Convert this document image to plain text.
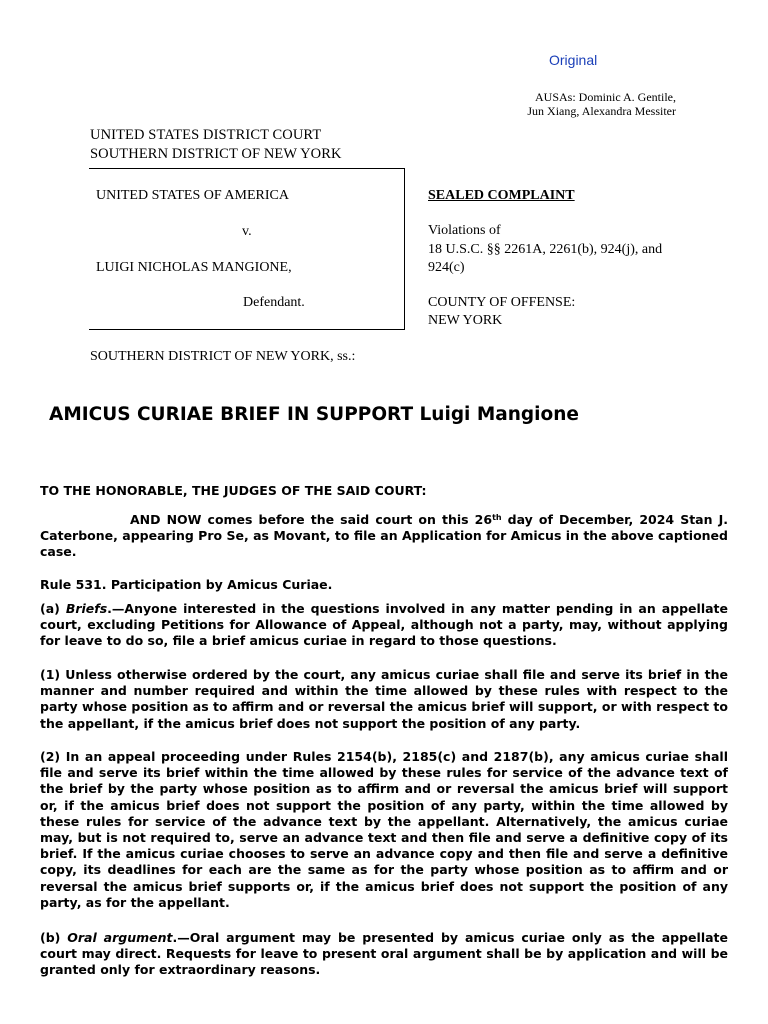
Original
AUSAs: Dominic A. Gentile,
Jun Xiang, Alexandra Messiter
UNITED STATES DISTRICT COURT
SOUTHERN DISTRICT OF NEW YORK
UNITED STATES OF AMERICA
v.
LUIGI NICHOLAS MANGIONE,
Defendant.
SEALED COMPLAINT
Violations of
18 U.S.C. §§ 2261A, 2261(b), 924(j), and
924(c)
COUNTY OF OFFENSE:
NEW YORK
SOUTHERN DISTRICT OF NEW YORK, ss.:
AMICUS CURIAE BRIEF IN SUPPORT Luigi Mangione
TO THE HONORABLE, THE JUDGES OF THE SAID COURT:
AND NOW comes before the said court on this 26th day of December, 2024 Stan J. Caterbone, appearing Pro Se, as Movant, to file an Application for Amicus in the above captioned case.
Rule 531. Participation by Amicus Curiae.
(a) Briefs.—Anyone interested in the questions involved in any matter pending in an appellate court, excluding Petitions for Allowance of Appeal, although not a party, may, without applying for leave to do so, file a brief amicus curiae in regard to those questions.
(1) Unless otherwise ordered by the court, any amicus curiae shall file and serve its brief in the manner and number required and within the time allowed by these rules with respect to the party whose position as to affirm and or reversal the amicus brief will support, or with respect to the appellant, if the amicus brief does not support the position of any party.
(2) In an appeal proceeding under Rules 2154(b), 2185(c) and 2187(b), any amicus curiae shall file and serve its brief within the time allowed by these rules for service of the advance text of the brief by the party whose position as to affirm and or reversal the amicus brief will support or, if the amicus brief does not support the position of any party, within the time allowed by these rules for service of the advance text by the appellant. Alternatively, the amicus curiae may, but is not required to, serve an advance text and then file and serve a definitive copy of its brief. If the amicus curiae chooses to serve an advance copy and then file and serve a definitive copy, its deadlines for each are the same as for the party whose position as to affirm and or reversal the amicus brief supports or, if the amicus brief does not support the position of any party, as for the appellant.
(b) Oral argument.—Oral argument may be presented by amicus curiae only as the appellate court may direct. Requests for leave to present oral argument shall be by application and will be granted only for extraordinary reasons.
